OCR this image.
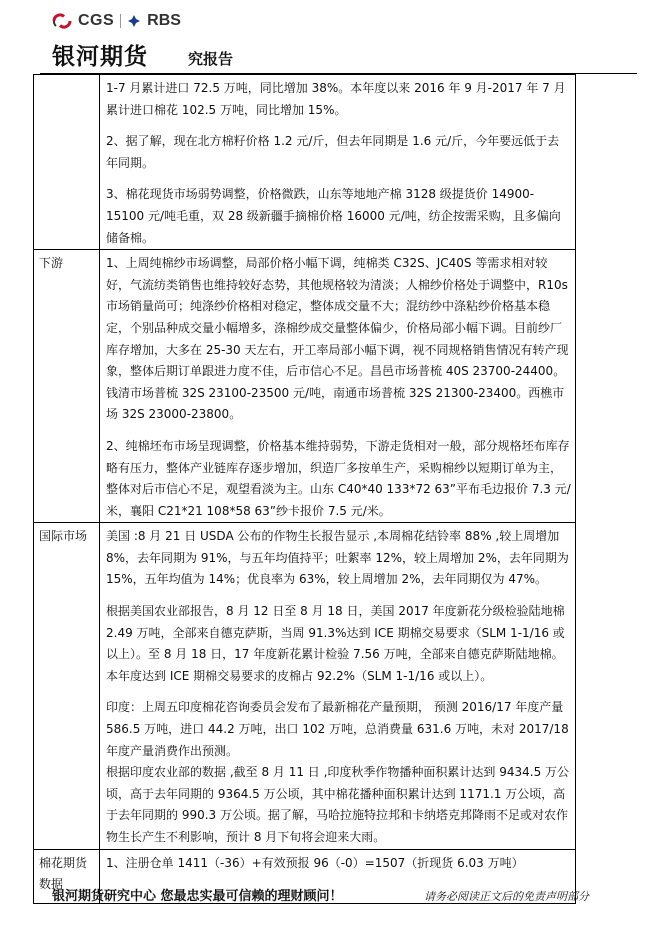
CGS RBS
银河期货	究报告

	1-7 月累计进口 72.5 万吨，同比增加 38%。本年度以来 2016 年 9 月-2017 年 7 月累计进口棉花 102.5 万吨，同比增加 15%。

2、据了解，现在北方棉籽价格 1.2 元/斤，但去年同期是 1.6 元/斤，今年要远低于去年同期。

3、棉花现货市场弱势调整，价格微跌，山东等地地产棉 3128 级提货价 14900-15100 元/吨毛重，双 28 级新疆手摘棉价格 16000 元/吨，纺企按需采购，且多偏向储备棉。

下游	1、上周纯棉纱市场调整，局部价格小幅下调，纯棉类 C32S、JC40S 等需求相对较好，气流纺类销售也维持较好态势，其他规格较为清淡；人棉纱价格处于调整中，R10s 市场销量尚可；纯涤纱价格相对稳定，整体成交量不大；混纺纱中涤粘纱价格基本稳定，个别品种成交量小幅增多，涤棉纱成交量整体偏少，价格局部小幅下调。目前纱厂库存增加，大多在 25-30 天左右，开工率局部小幅下调，视不同规格销售情况有转产现象，整体后期订单跟进力度不佳，后市信心不足。昌邑市场普梳 40S 23700-24400。钱清市场普梳 32S 23100-23500 元/吨，南通市场普梳 32S 21300-23400。西樵市场 32S 23000-23800。

2、纯棉坯布市场呈现调整，价格基本维持弱势，下游走货相对一般，部分规格坯布库存略有压力，整体产业链库存逐步增加，织造厂多按单生产，采购棉纱以短期订单为主，整体对后市信心不足，观望看淡为主。山东 C40*40 133*72 63”平布毛边报价 7.3 元/米，襄阳 C21*21 108*58 63”纱卡报价 7.5 元/米。

国际市场	美国 :8 月 21 日 USDA 公布的作物生长报告显示 ,本周棉花结铃率 88% ,较上周增加 8%，去年同期为 91%，与五年均值持平；吐絮率 12%，较上周增加 2%，去年同期为 15%，五年均值为 14%；优良率为 63%，较上周增加 2%，去年同期仅为 47%。

根据美国农业部报告，8 月 12 日至 8 月 18 日，美国 2017 年度新花分级检验陆地棉 2.49 万吨，全部来自德克萨斯，当周 91.3%达到 ICE 期棉交易要求（SLM 1-1/16 或以上）。至 8 月 18 日，17 年度新花累计检验 7.56 万吨，全部来自德克萨斯陆地棉。本年度达到 ICE 期棉交易要求的皮棉占 92.2%（SLM 1-1/16 或以上）。

印度：上周五印度棉花咨询委员会发布了最新棉花产量预期， 预测 2016/17 年度产量 586.5 万吨，进口 44.2 万吨，出口 102 万吨，总消费量 631.6 万吨，未对 2017/18 年度产量消费作出预测。

根据印度农业部的数据 ,截至 8 月 11 日 ,印度秋季作物播种面积累计达到 9434.5 万公顷，高于去年同期的 9364.5 万公顷，其中棉花播种面积累计达到 1171.1 万公顷，高于去年同期的 990.3 万公顷。据了解，马哈拉施特拉邦和卡纳塔克邦降雨不足或对农作物生长产生不利影响，预计 8 月下旬将会迎来大雨。

棉花期货数据	1、注册仓单 1411（-36）+有效预报 96（-0）=1507（折现货 6.03 万吨）

银河期货研究中心 您最忠实最可信赖的理财顾问！	请务必阅读正文后的免责声明部分
